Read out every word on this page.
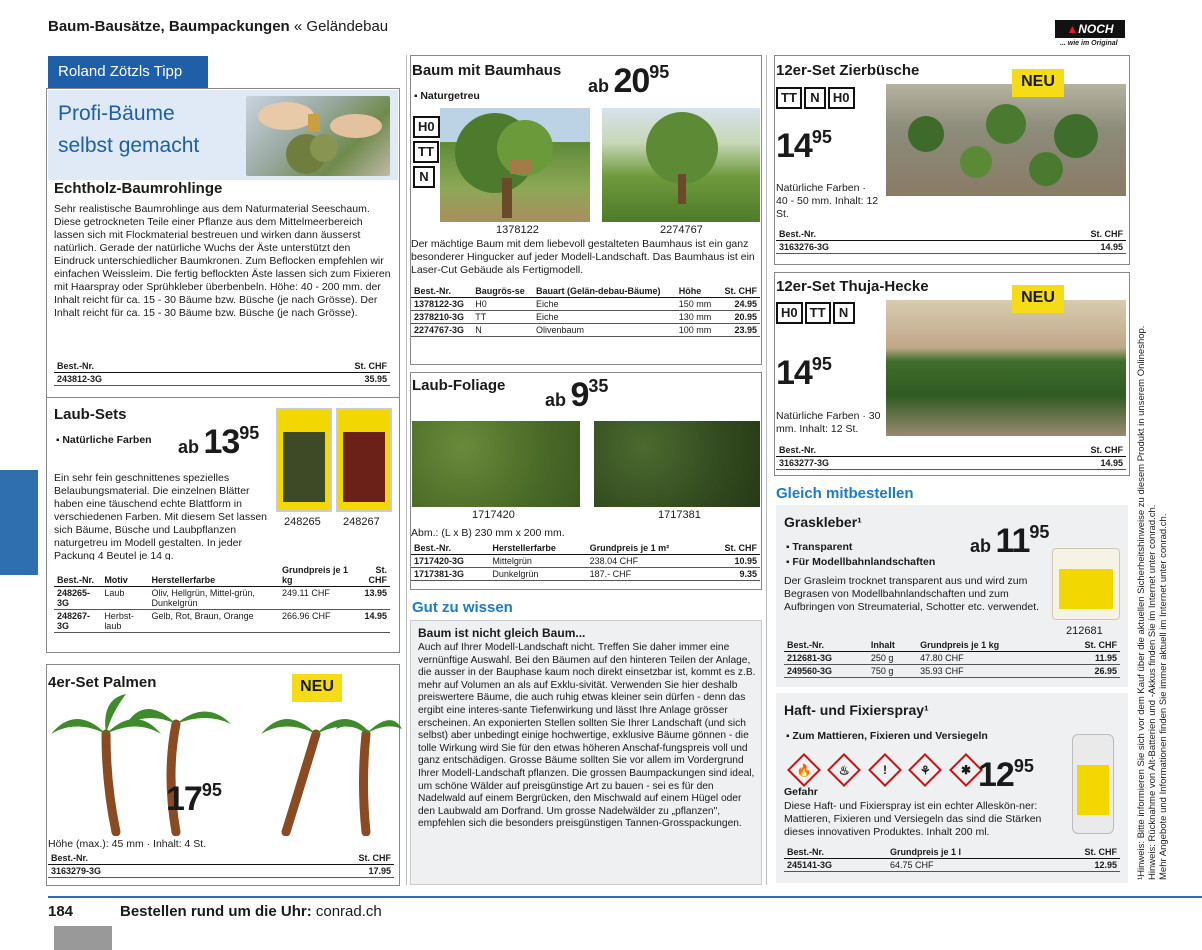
Baum-Bausätze, Baumpackungen « Geländebau	▲NOCH
... wie im Original
Roland Zötzls Tipp
Profi-Bäume selbst gemacht
Echtholz-Baumrohlinge
Sehr realistische Baumrohlinge aus dem Naturmaterial Seeschaum. Diese getrockneten Teile einer Pflanze aus dem Mittelmeerbereich lassen sich mit Flockmaterial bestreuen und wirken dann äusserst natürlich. Gerade der natürliche Wuchs der Äste unterstützt den Eindruck unterschiedlicher Baumkronen. Zum Beflocken empfehlen wir einfachen Weissleim. Die fertig beflockten Äste lassen sich zum Fixieren mit Haarspray oder Sprühkleber überbenbeln. Höhe: 40 - 200 mm. der Inhalt reicht für ca. 15 - 30 Bäume bzw. Büsche (je nach Grösse). Der Inhalt reicht für ca. 15 - 30 Bäume bzw. Büsche (je nach Grösse).
Best.-Nr.	St. CHF
243812-3G	35.95
Laub-Sets
▪ Natürliche Farben ab 1395
248265 248267
Ein sehr fein geschnittenes spezielles Belaubungsmaterial. Die einzelnen Blätter haben eine täuschend echte Blattform in verschiedenen Farben. Mit diesem Set lassen sich Bäume, Büsche und Laubpflanzen naturgetreu im Modell gestalten. In jeder Packung 4 Beutel je 14 g.
Best.-Nr.	Motiv	Herstellerfarbe	Grundpreis je 1 kg	St. CHF
248265-3G	Laub	Oliv, Hellgrün, Mittel-grün, Dunkelgrün	249.11 CHF	13.95
248267-3G	Herbst-laub	Gelb, Rot, Braun, Orange	266.96 CHF	14.95
4er-Set Palmen	NEU
1795
Höhe (max.): 45 mm · Inhalt: 4 St.
Best.-Nr.	St. CHF
3163279-3G	17.95
Baum mit Baumhaus
▪ Naturgetreu	ab 2095
H0 TT N
1378122	2274767
Der mächtige Baum mit dem liebevoll gestalteten Baumhaus ist ein ganz besonderer Hingucker auf jeder Modell-Landschaft. Das Baumhaus ist ein Laser-Cut Gebäude als Fertigmodell.
Best.-Nr.	Baugrös-se	Bauart (Gelän-debau-Bäume)	Höhe	St. CHF
1378122-3G	H0	Eiche	150 mm	24.95
2378210-3G	TT	Eiche	130 mm	20.95
2274767-3G	N	Olivenbaum	100 mm	23.95
Laub-Foliage
ab 935
1717420	1717381
Abm.: (L x B) 230 mm x 200 mm.
Best.-Nr.	Herstellerfarbe	Grundpreis je 1 m²	St. CHF
1717420-3G	Mittelgrün	238.04 CHF	10.95
1717381-3G	Dunkelgrün	187.- CHF	9.35
Gut zu wissen
Baum ist nicht gleich Baum...
Auch auf Ihrer Modell-Landschaft nicht. Treffen Sie daher immer eine vernünftige Auswahl. Bei den Bäumen auf den hinteren Teilen der Anlage, die ausser in der Bauphase kaum noch direkt einsetzbar ist, kommt es z.B. mehr auf Volumen an als auf Exklu-sivität. Verwenden Sie hier deshalb preiswertere Bäume, die auch ruhig etwas kleiner sein dürfen - denn das ergibt eine interes-sante Tiefenwirkung und lässt Ihre Anlage grösser erscheinen. An exponierten Stellen sollten Sie Ihrer Landschaft (und sich selbst) aber unbedingt einige hochwertige, exklusive Bäume gönnen - die tolle Wirkung wird Sie für den etwas höheren Anschaf-fungspreis voll und ganz entschädigen. Grosse Bäume sollten Sie vor allem im Vordergrund Ihrer Modell-Landschaft pflanzen. Die grossen Baumpackungen sind ideal, um schöne Wälder auf preisgünstige Art zu bauen - sei es für den Nadelwald auf einem Bergrücken, den Mischwald auf einem Hügel oder den Laubwald am Dorfrand. Um grosse Nadelwälder zu „pflanzen", empfehlen sich die besonders preisgünstigen Tannen-Grosspackungen.
12er-Set Zierbüsche
TT N H0
NEU
1495
Natürliche Farben · 40 - 50 mm. Inhalt: 12 St.
Best.-Nr.	St. CHF
3163276-3G	14.95
12er-Set Thuja-Hecke
H0 TT N
NEU
1495
Natürliche Farben · 30 mm. Inhalt: 12 St.
Best.-Nr.	St. CHF
3163277-3G	14.95
Gleich mitbestellen
Graskleber¹
▪ Transparent
▪ Für Modellbahnlandschaften
ab 1195
Der Grasleim trocknet transparent aus und wird zum Begrasen von Modellbahnlandschaften und zum Aufbringen von Streumaterial, Schotter etc. verwendet.
212681
Best.-Nr.	Inhalt	Grundpreis je 1 kg	St. CHF
212681-3G	250 g	47.80 CHF	11.95
249560-3G	750 g	35.93 CHF	26.95
Haft- und Fixierspray¹
▪ Zum Mattieren, Fixieren und Versiegeln
🔥 ♨	!	⚘	✱
Gefahr	1295
Diese Haft- und Fixierspray ist ein echter Alleskön-ner: Mattieren, Fixieren und Versiegeln das sind die Stärken dieses innovativen Produktes. Inhalt 200 ml.
Best.-Nr.	Grundpreis je 1 l	St. CHF
245141-3G	64.75 CHF	12.95 ¹Hinweis: Bitte informieren Sie sich vor dem Kauf über die aktuellen Sicherheitshinweise zu diesem Produkt in unserem Onlineshop. Hinweis: Rücknahme von Alt-Batterien und -Akkus finden Sie im Internet unter conrad.ch. Mehr Angebote und Informationen finden Sie immer aktuell im Internet unter conrad.ch.
184	Bestellen rund um die Uhr: conrad.ch
